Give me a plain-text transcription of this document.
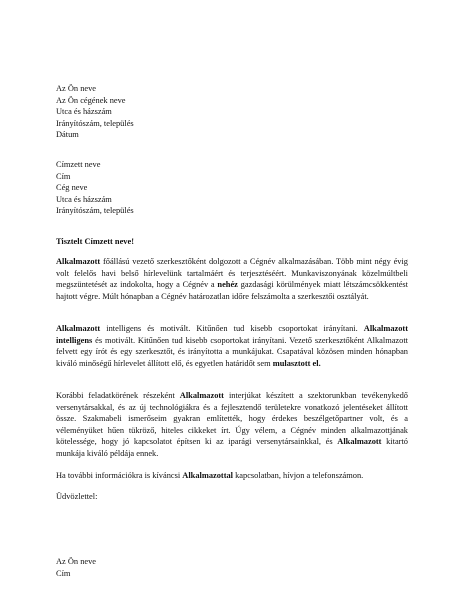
Az Ön neve
Az Ön cégének neve
Utca és házszám
Irányítószám, település
Dátum
Címzett neve
Cím
Cég neve
Utca és házszám
Irányítószám, település
Tisztelt Címzett neve!

Alkalmazott főállású vezető szerkesztőként dolgozott a Cégnév alkalmazásában. Több mint négy évig volt felelős havi belső hírlevelünk tartalmáért és terjesztéséért. Munkaviszonyának közelmúltbeli megszüntetését az indokolta, hogy a Cégnév a nehéz gazdasági körülmények miatt létszámcsökkentést hajtott végre. Múlt hónapban a Cégnév határozatlan időre felszámolta a szerkesztői osztályát.

Alkalmazott intelligens és motivált. Kitűnően tud kisebb csoportokat irányítani. Alkalmazott intelligens és motivált. Kitűnően tud kisebb csoportokat irányítani. Vezető szerkesztőként Alkalmazott felvett egy írót és egy szerkesztőt, és irányította a munkájukat. Csapatával közösen minden hónapban kiváló minőségű hírlevelet állított elő, és egyetlen határidőt sem mulasztott el.

Korábbi feladatkörének részeként Alkalmazott interjúkat készített a szektorunkban tevékenykedő versenytársakkal, és az új technológiákra és a fejlesztendő területekre vonatkozó jelentéseket állított össze. Szakmabeli ismerőseim gyakran említették, hogy érdekes beszélgetőpartner volt, és a véleményüket hűen tükröző, hiteles cikkeket írt. Úgy vélem, a Cégnév minden alkalmazottjának kötelessége, hogy jó kapcsolatot építsen ki az iparági versenytársainkkal, és Alkalmazott kitartó munkája kiváló példája ennek.

Ha további információkra is kíváncsi Alkalmazottal kapcsolatban, hívjon a telefonszámon.

Üdvözlettel:
Az Ön neve
Cím
